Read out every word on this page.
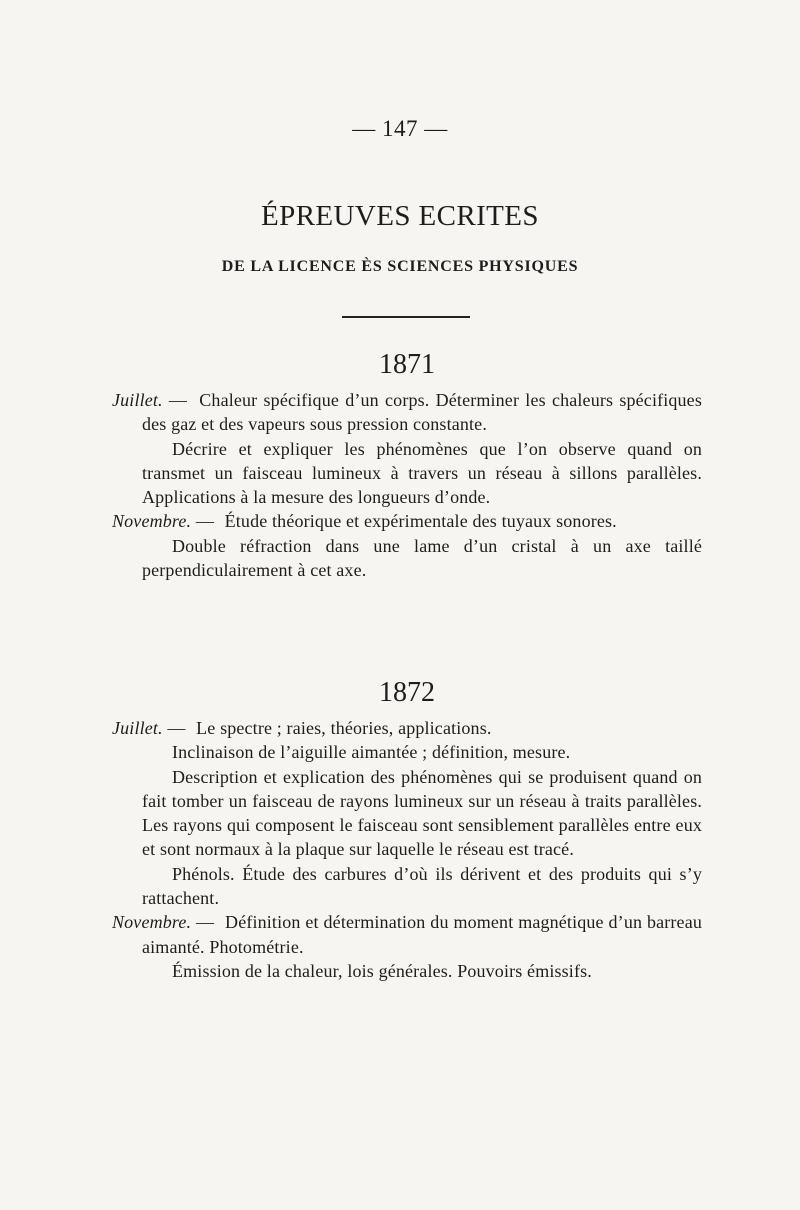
— 147 —
ÉPREUVES ECRITES
DE LA LICENCE ÈS SCIENCES PHYSIQUES
1871
Juillet. — Chaleur spécifique d’un corps. Déterminer les chaleurs spécifiques des gaz et des vapeurs sous pression constante.
Décrire et expliquer les phénomènes que l’on observe quand on transmet un faisceau lumineux à travers un réseau à sillons parallèles. Applications à la mesure des longueurs d’onde.
Novembre. — Étude théorique et expérimentale des tuyaux sonores.
Double réfraction dans une lame d’un cristal à un axe taillé perpendiculairement à cet axe.
1872
Juillet. — Le spectre ; raies, théories, applications.
Inclinaison de l’aiguille aimantée ; définition, mesure.
Description et explication des phénomènes qui se produisent quand on fait tomber un faisceau de rayons lumineux sur un réseau à traits parallèles. Les rayons qui composent le faisceau sont sensiblement parallèles entre eux et sont normaux à la plaque sur laquelle le réseau est tracé.
Phénols. Étude des carbures d’où ils dérivent et des produits qui s’y rattachent.
Novembre. — Définition et détermination du moment magnétique d’un barreau aimanté. Photométrie.
Émission de la chaleur, lois générales. Pouvoirs émissifs.
